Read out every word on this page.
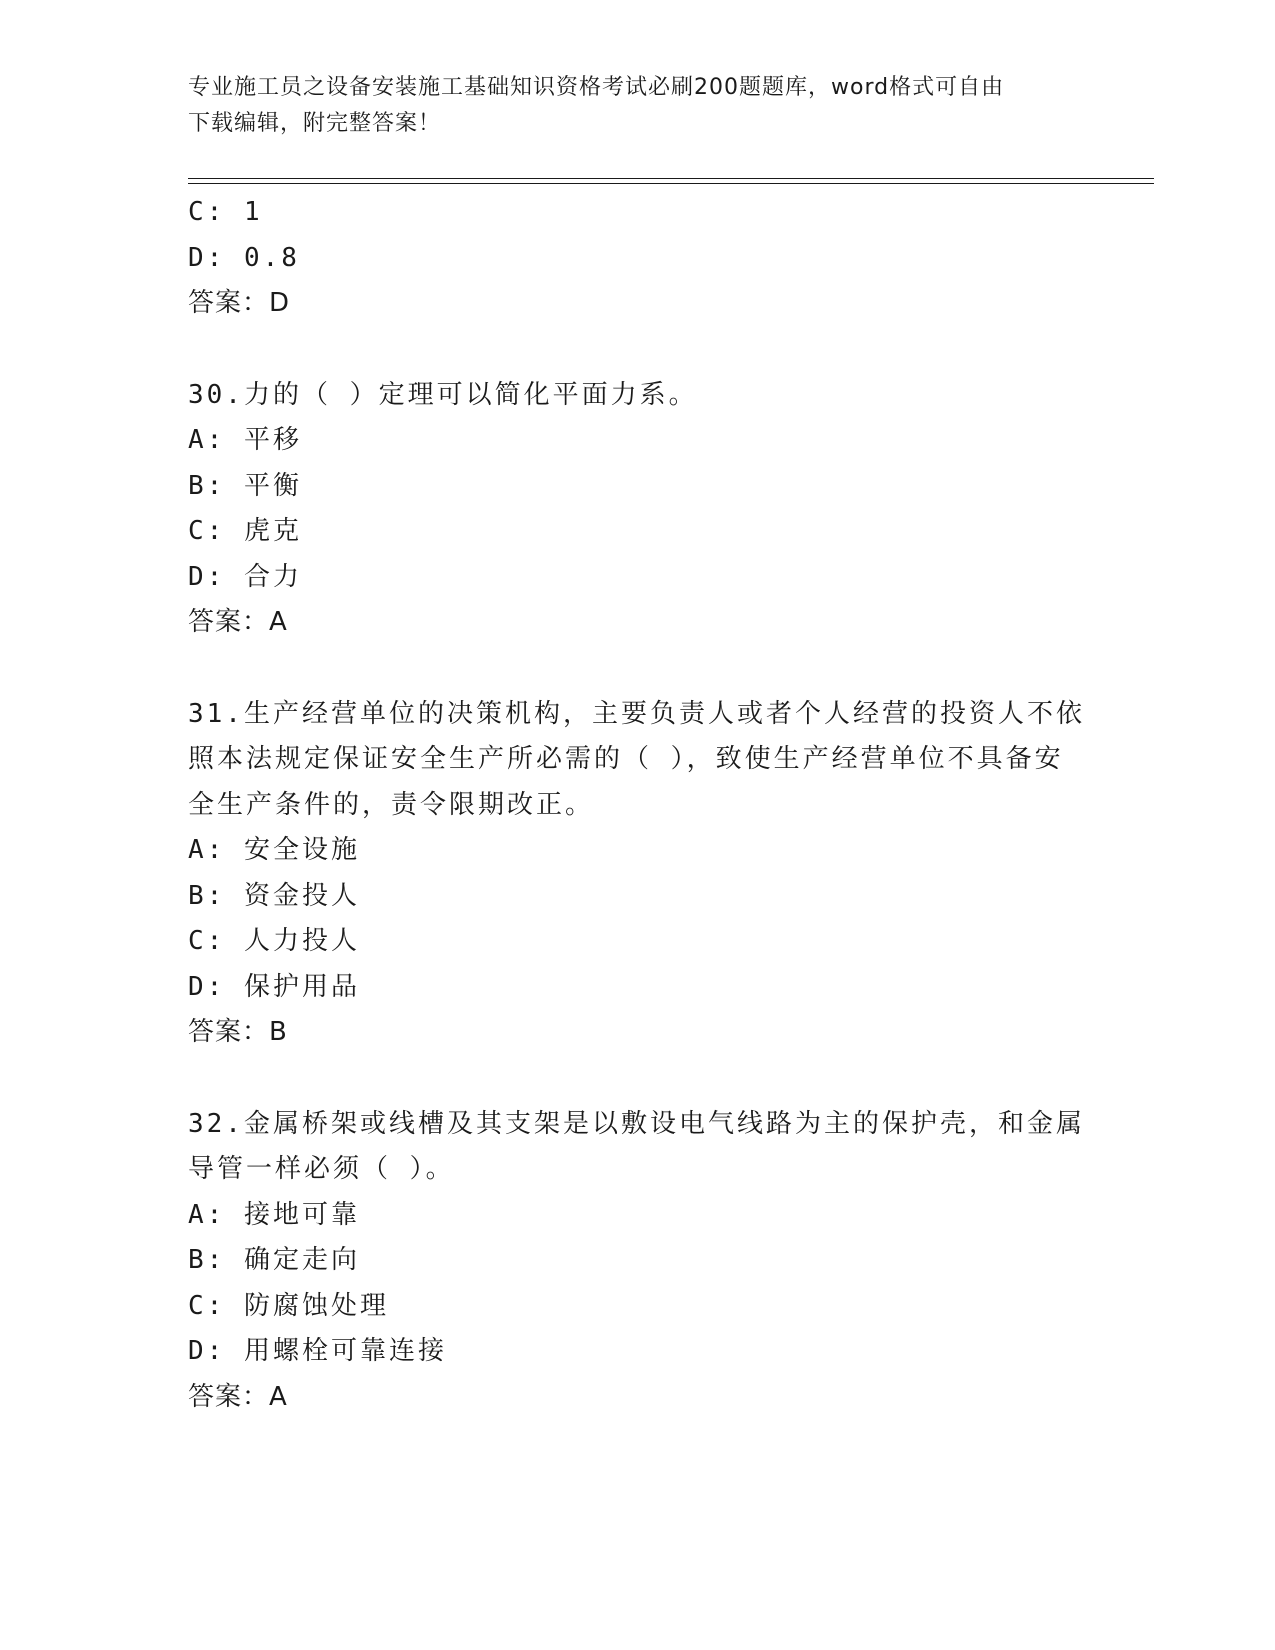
专业施工员之设备安装施工基础知识资格考试必刷200题题库，word格式可自由
下载编辑，附完整答案！
C: 1
D: 0.8
答案：D
30.力的（ ）定理可以简化平面力系。
A: 平移
B: 平衡
C: 虎克
D: 合力
答案：A
31.生产经营单位的决策机构，主要负责人或者个人经营的投资人不依
照本法规定保证安全生产所必需的（ ），致使生产经营单位不具备安
全生产条件的，责令限期改正。
A: 安全设施
B: 资金投人
C: 人力投人
D: 保护用品
答案：B
32.金属桥架或线槽及其支架是以敷设电气线路为主的保护壳，和金属
导管一样必须（ ）。
A: 接地可靠
B: 确定走向
C: 防腐蚀处理
D: 用螺栓可靠连接
答案：A
